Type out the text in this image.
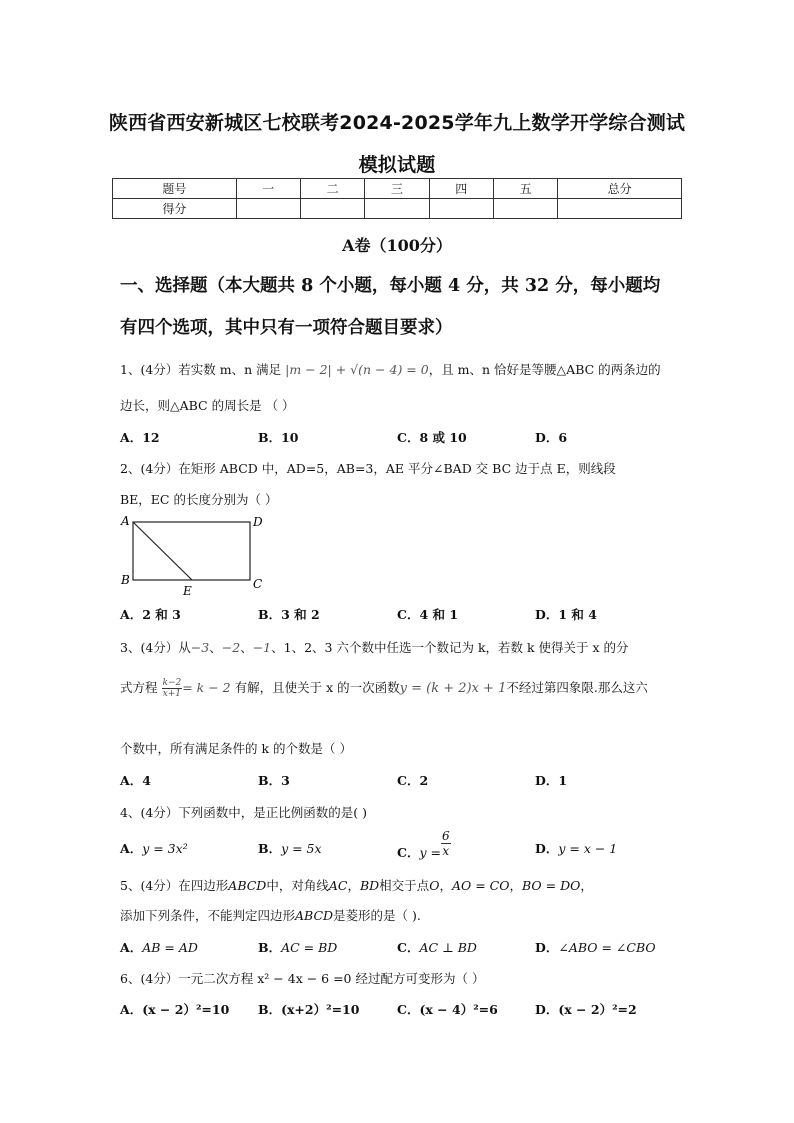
陕西省西安新城区七校联考2024-2025学年九上数学开学综合测试
模拟试题
题号	一	二	三	四	五	总分
得分						
A卷（100分）
一、选择题（本大题共 8 个小题，每小题 4 分，共 32 分，每小题均
有四个选项，其中只有一项符合题目要求）
1、(4分）若实数 m、n 满足 |m − 2| + √(n − 4) = 0，且 m、n 恰好是等腰△ABC 的两条边的
边长，则△ABC 的周长是 （ ）
A．12	B．10	C．8 或 10	D．6
2、(4分）在矩形 ABCD 中，AD=5，AB=3，AE 平分∠BAD 交 BC 边于点 E，则线段
BE，EC 的长度分别为（ ）
A	D
B
E	C
A．2 和 3	B．3 和 2	C．4 和 1	D．1 和 4
3、(4分）从−3、−2、−1、1、2、3 六个数中任选一个数记为 k，若数 k 使得关于 x 的分
式方程 $\frac{k-2}{x+1} = k - 2$ 有解，且使关于 x 的一次函数y = (k + 2)x + 1不经过第四象限.那么这六
个数中，所有满足条件的 k 的个数是（ ）
A．4	B．3	C．2	D．1
4、(4分）下列函数中，是正比例函数的是( )
A．y = 3x²	B．y = 5x	C．$y = \frac{6}{x}$	D．y = x − 1
5、(4分）在四边形ABCD中，对角线AC，BD相交于点O，AO = CO，BO = DO，
添加下列条件，不能判定四边形ABCD是菱形的是（ ).
A．AB = AD	B．AC = BD	C．AC ⊥ BD	D．∠ABO = ∠CBO
6、(4分）一元二次方程 x² − 4x − 6 =0 经过配方可变形为（ ）
A．(x − 2）²=10 B．(x+2）²=10	C．(x − 4）²=6	D．(x − 2）²=2
